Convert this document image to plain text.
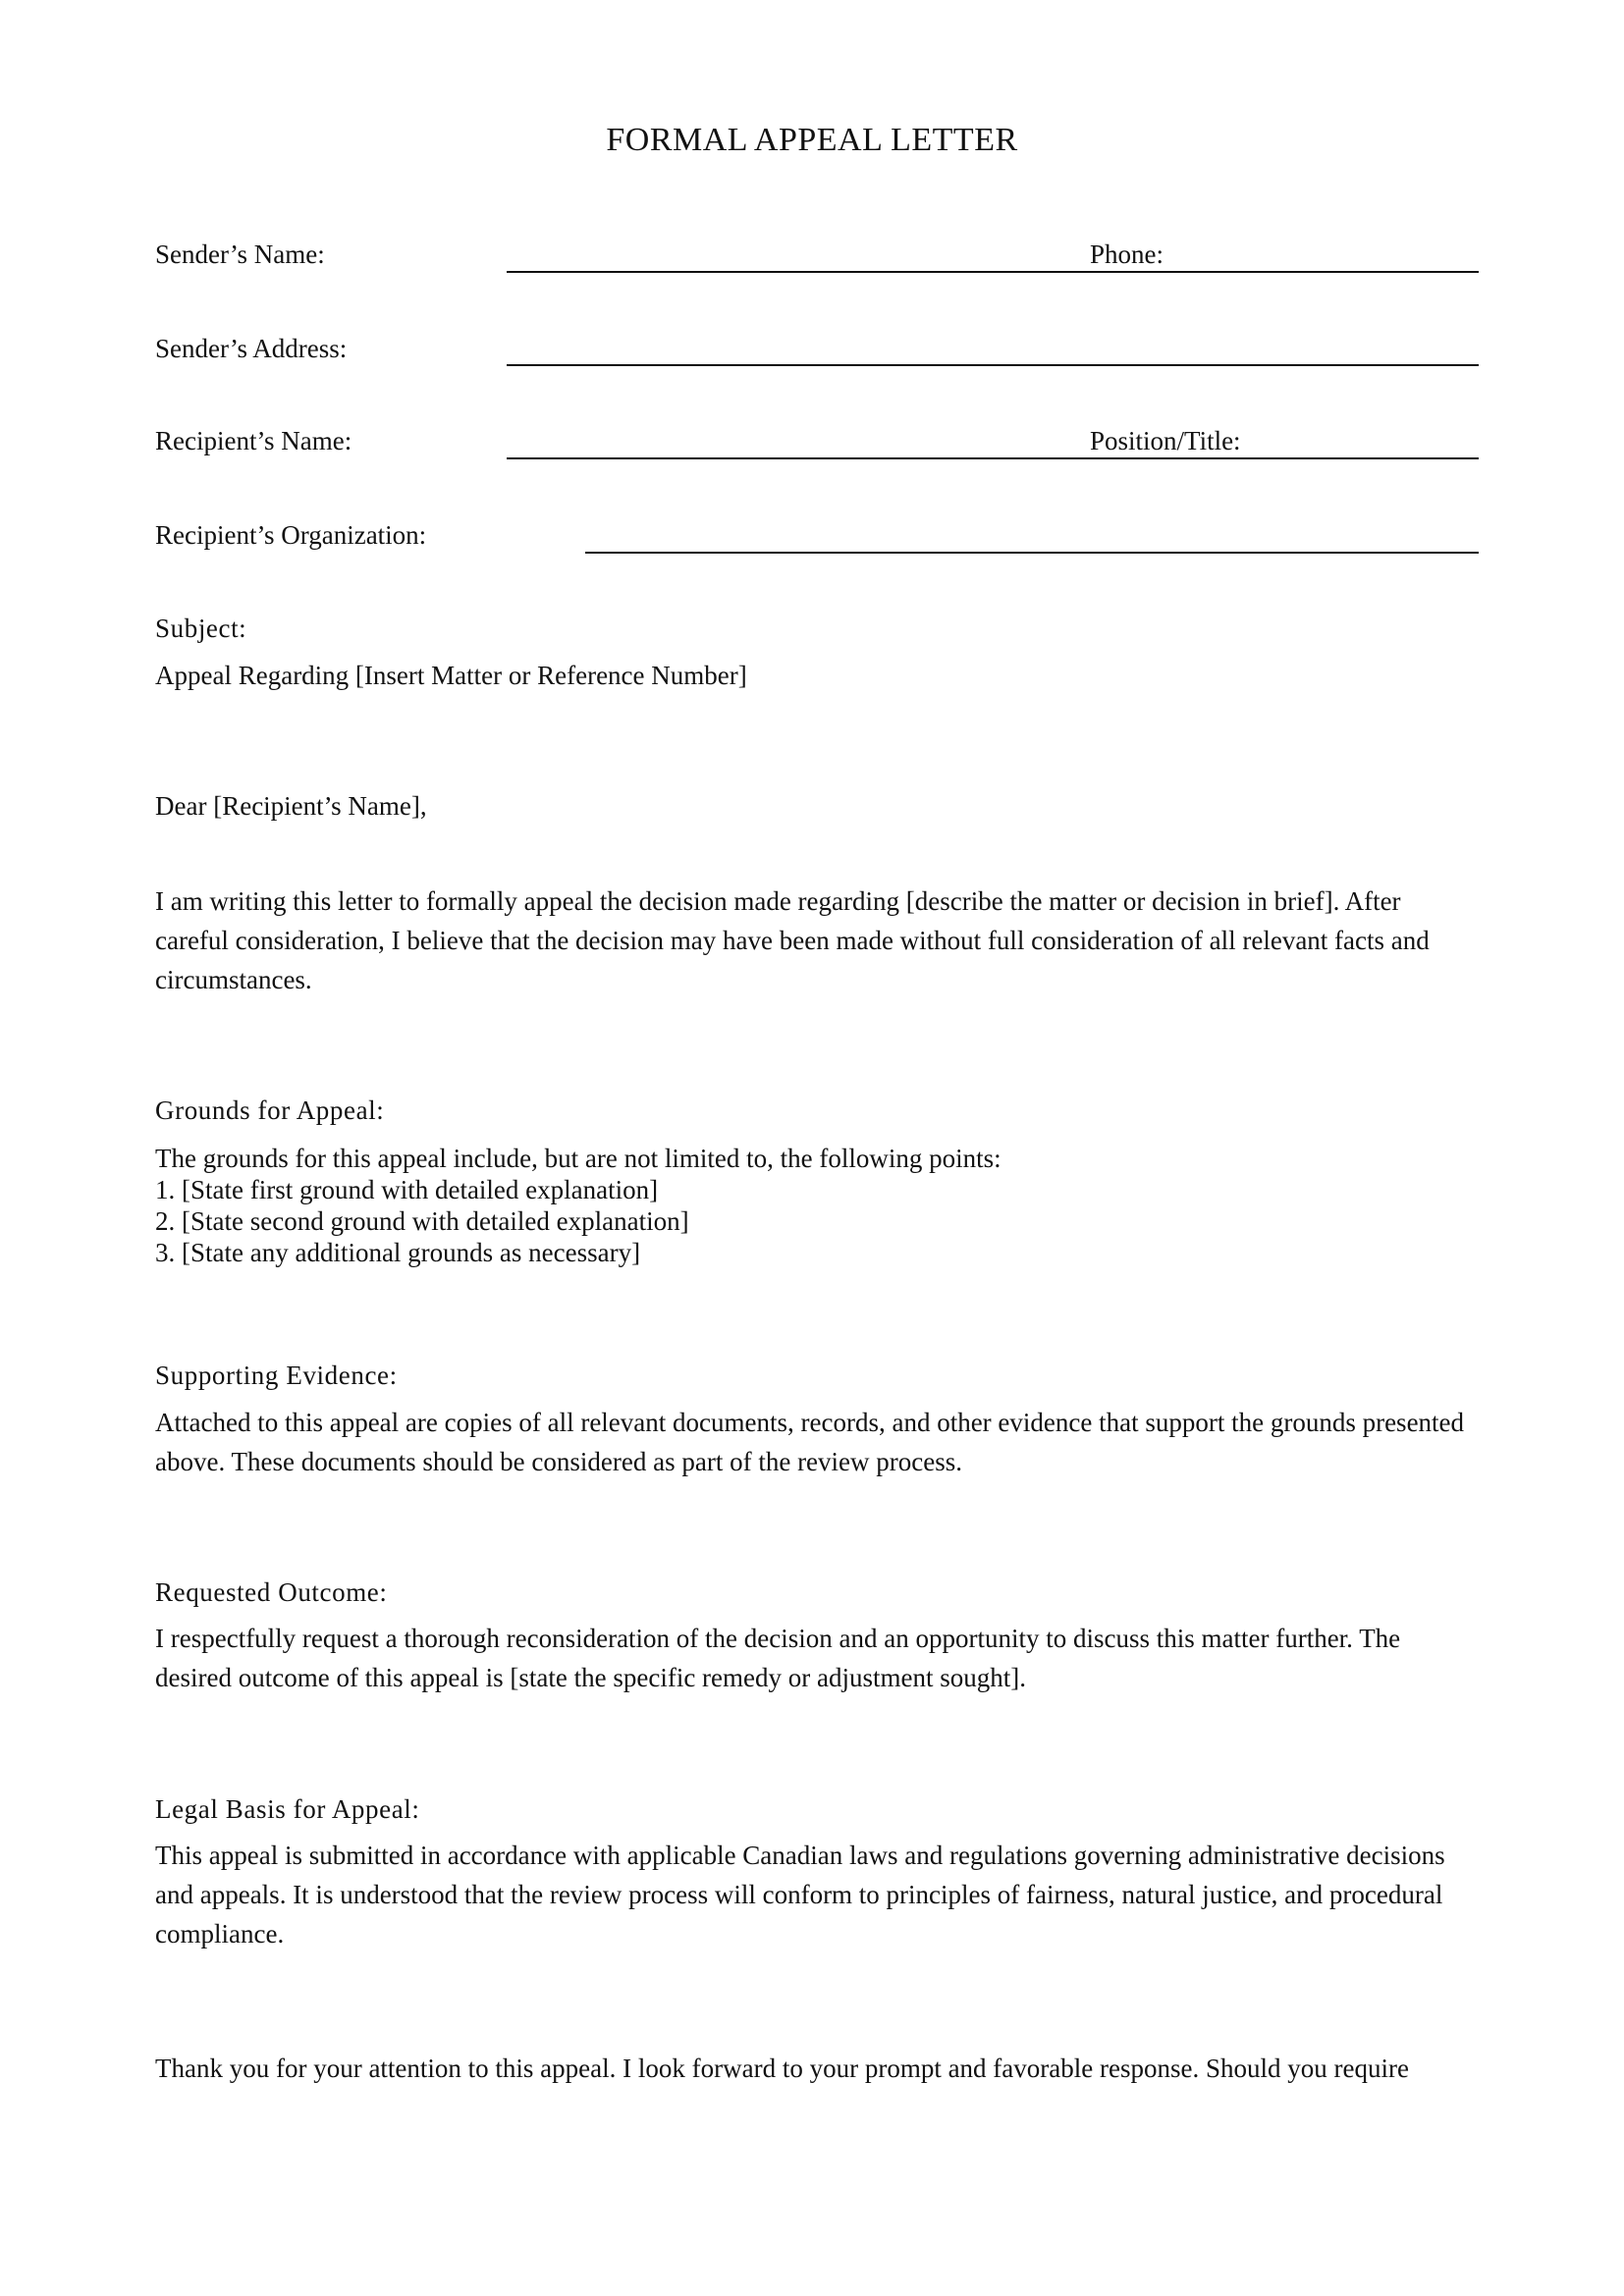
FORMAL APPEAL LETTER
Sender’s Name:	Phone:
Sender’s Address:
Recipient’s Name:	Position/Title:
Recipient’s Organization:
Subject:
Appeal Regarding [Insert Matter or Reference Number]
Dear [Recipient’s Name],
I am writing this letter to formally appeal the decision made regarding [describe the matter or decision in brief]. After careful consideration, I believe that the decision may have been made without full consideration of all relevant facts and circumstances.
Grounds for Appeal:
The grounds for this appeal include, but are not limited to, the following points:
1. [State first ground with detailed explanation]
2. [State second ground with detailed explanation]
3. [State any additional grounds as necessary]
Supporting Evidence:
Attached to this appeal are copies of all relevant documents, records, and other evidence that support the grounds presented above. These documents should be considered as part of the review process.
Requested Outcome:
I respectfully request a thorough reconsideration of the decision and an opportunity to discuss this matter further. The desired outcome of this appeal is [state the specific remedy or adjustment sought].
Legal Basis for Appeal:
This appeal is submitted in accordance with applicable Canadian laws and regulations governing administrative decisions and appeals. It is understood that the review process will conform to principles of fairness, natural justice, and procedural compliance.
Thank you for your attention to this appeal. I look forward to your prompt and favorable response. Should you require
